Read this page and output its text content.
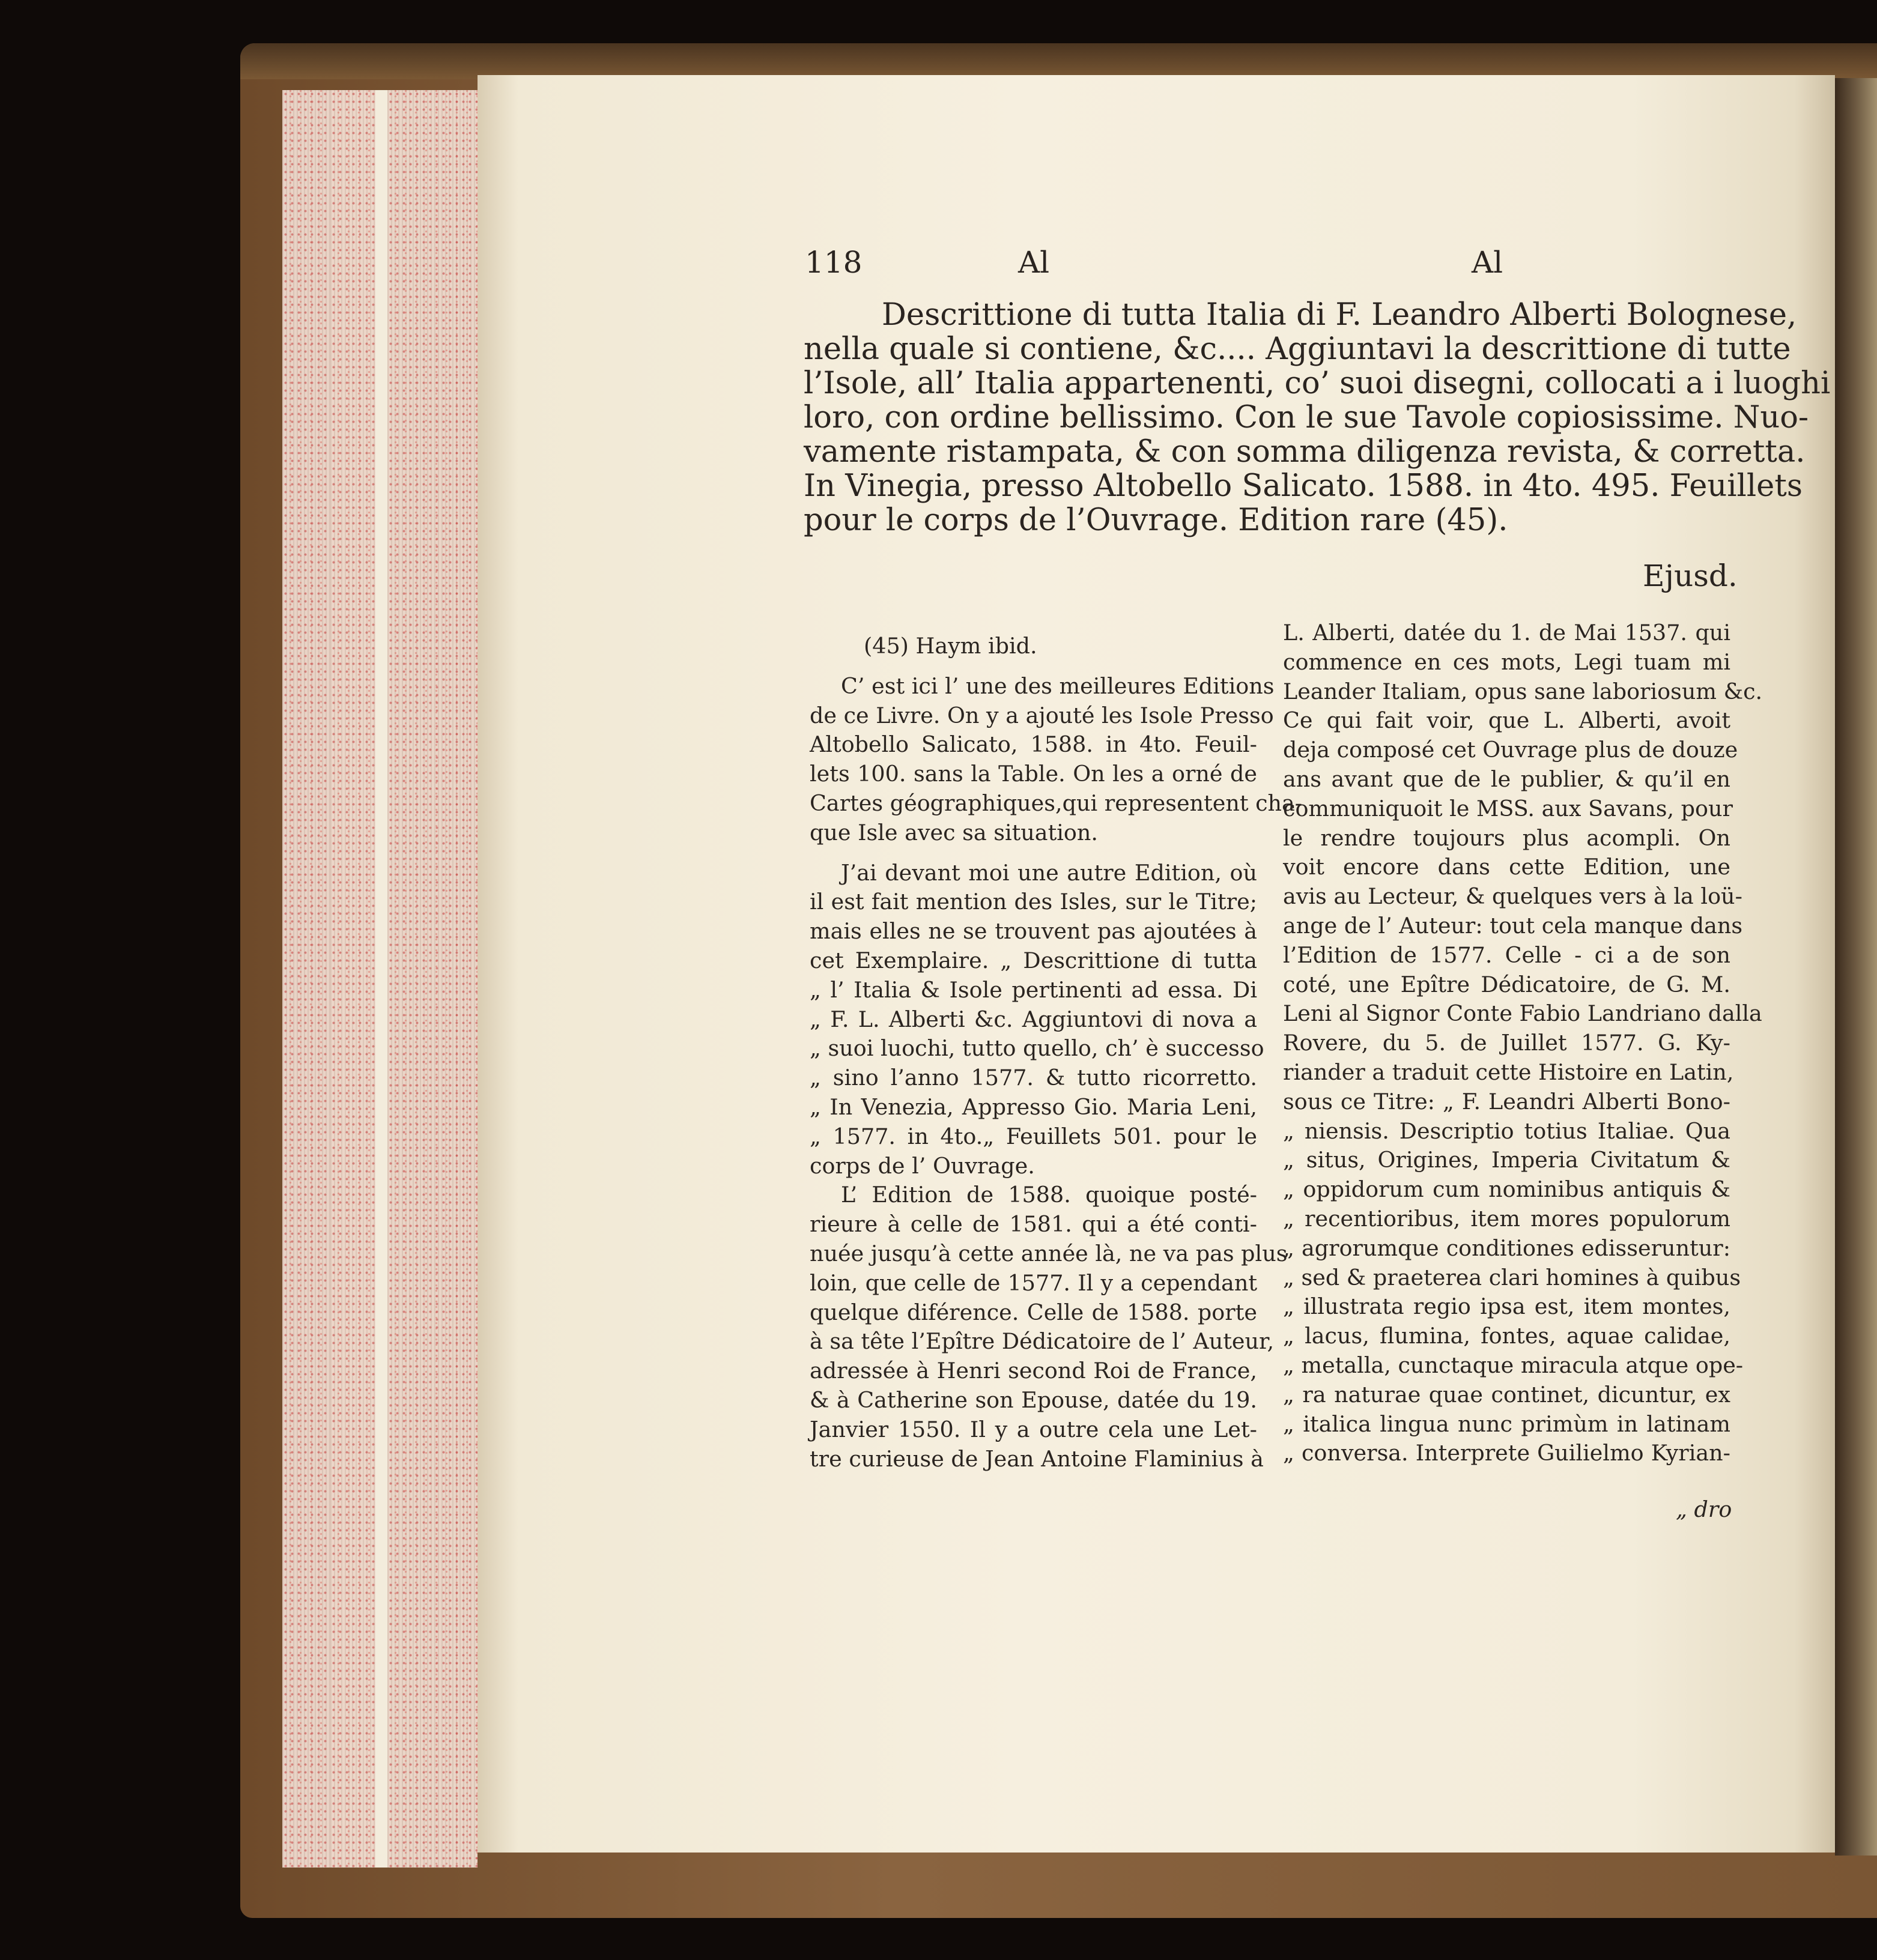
118	Al	Al
Descrittione di tutta Italia di F. Leandro Alberti Bolognese,
nella quale si contiene, &c.... Aggiuntavi la descrittione di tutte
l’Isole, all’ Italia appartenenti, co’ suoi disegni, collocati a i luoghi
loro, con ordine bellissimo. Con le sue Tavole copiosissime. Nuo-
vamente ristampata, & con somma diligenza revista, & corretta.
In Vinegia, presso Altobello Salicato. 1588. in 4to. 495. Feuillets
pour le corps de l’Ouvrage. Edition rare (45).
Ejusd.
(45) Haym ibid.
C’ est ici l’ une des meilleures Editions
de ce Livre. On y a ajouté les Isole Presso
Altobello Salicato, 1588. in 4to. Feuil-
lets 100. sans la Table. On les a orné de
Cartes géographiques,qui representent cha-
que Isle avec sa situation.
J’ai devant moi une autre Edition, où
il est fait mention des Isles, sur le Titre;
mais elles ne se trouvent pas ajoutées à
cet Exemplaire. „ Descrittione di tutta
„ l’ Italia & Isole pertinenti ad essa. Di
„ F. L. Alberti &c. Aggiuntovi di nova a
„ suoi luochi, tutto quello, ch’ è successo
„ sino l’anno 1577. & tutto ricorretto.
„ In Venezia, Appresso Gio. Maria Leni,
„ 1577. in 4to.„ Feuillets 501. pour le
corps de l’ Ouvrage.
L’ Edition de 1588. quoique posté-
rieure à celle de 1581. qui a été conti-
nuée jusqu’à cette année là, ne va pas plus
loin, que celle de 1577. Il y a cependant
quelque diférence. Celle de 1588. porte
à sa tête l’Epître Dédicatoire de l’ Auteur,
adressée à Henri second Roi de France,
& à Catherine son Epouse, datée du 19.
Janvier 1550. Il y a outre cela une Let-
tre curieuse de Jean Antoine Flaminius à
L. Alberti, datée du 1. de Mai 1537. qui
commence en ces mots, Legi tuam mi
Leander Italiam, opus sane laboriosum &c.
Ce qui fait voir, que L. Alberti, avoit
deja composé cet Ouvrage plus de douze
ans avant que de le publier, & qu’il en
communiquoit le MSS. aux Savans, pour
le rendre toujours plus acompli. On
voit encore dans cette Edition, une
avis au Lecteur, & quelques vers à la loü-
ange de l’ Auteur: tout cela manque dans
l’Edition de 1577. Celle - ci a de son
coté, une Epître Dédicatoire, de G. M.
Leni al Signor Conte Fabio Landriano dalla
Rovere, du 5. de Juillet 1577. G. Ky-
riander a traduit cette Histoire en Latin,
sous ce Titre: „ F. Leandri Alberti Bono-
„ niensis. Descriptio totius Italiae. Qua
„ situs, Origines, Imperia Civitatum &
„ oppidorum cum nominibus antiquis &
„ recentioribus, item mores populorum
„ agrorumque conditiones edisseruntur:
„ sed & praeterea clari homines à quibus
„ illustrata regio ipsa est, item montes,
„ lacus, flumina, fontes, aquae calidae,
„ metalla, cunctaque miracula atque ope-
„ ra naturae quae continet, dicuntur, ex
„ italica lingua nunc primùm in latinam
„ conversa. Interprete Guilielmo Kyrian-
„ dro
